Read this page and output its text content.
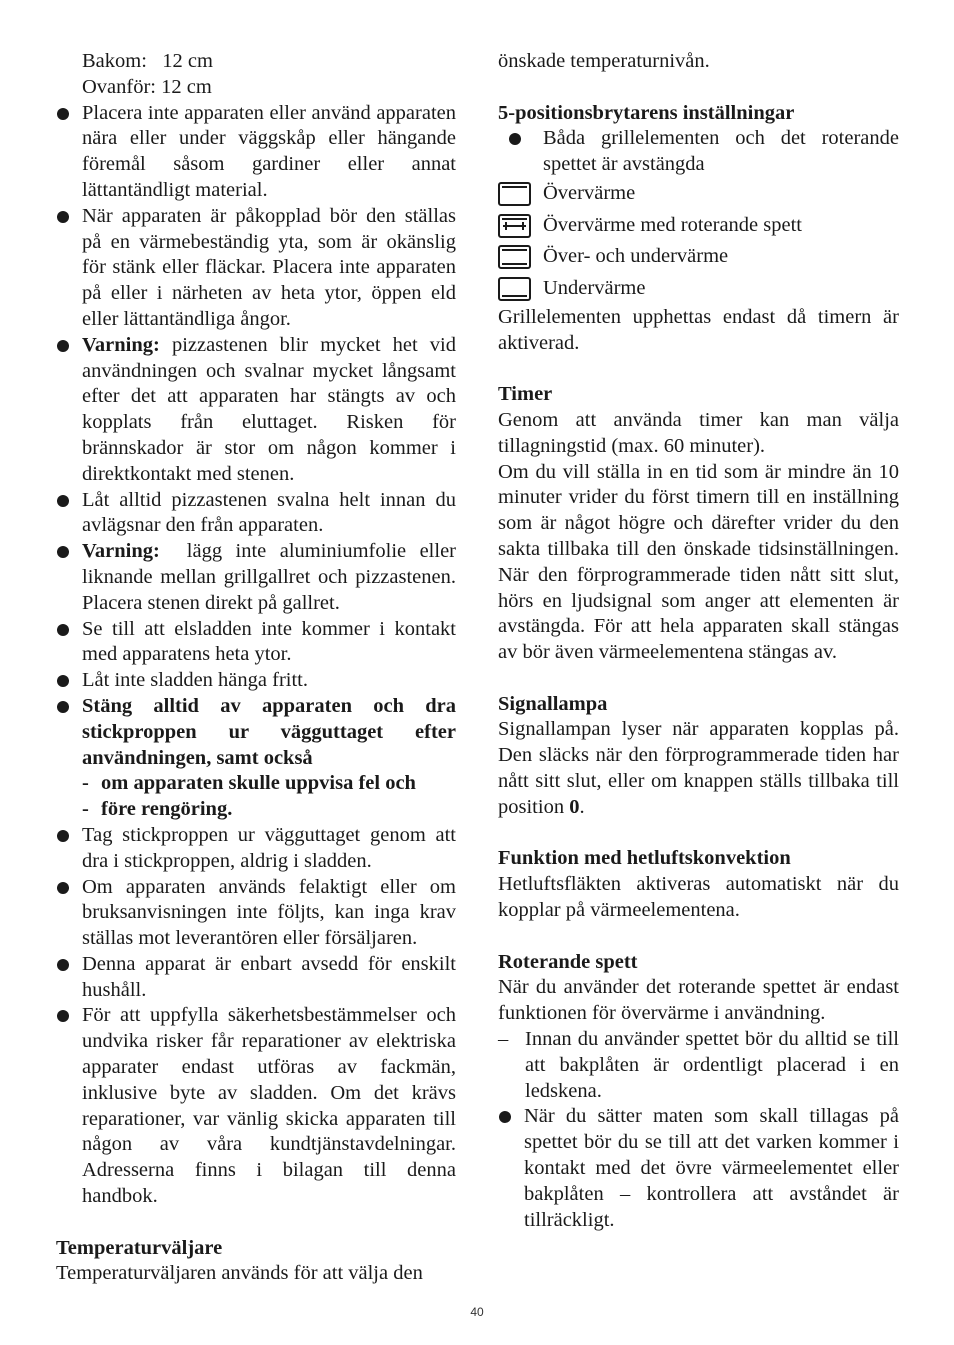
Bakom:   12 cm

Ovanför: 12 cm

Placera inte apparaten eller använd apparaten nära eller under väggskåp eller hängande föremål såsom gardiner eller annat lättantändligt material.

När apparaten är påkopplad bör den ställas på en värmebeständig yta, som är okänslig för stänk eller fläckar. Placera inte apparaten på eller i närheten av heta ytor, öppen eld eller lättantändliga ångor.

Varning: pizzastenen blir mycket het vid användningen och svalnar mycket långsamt efter det att apparaten har stängts av och kopplats från eluttaget. Risken för brännskador är stor om någon kommer i direktkontakt med stenen.

Låt alltid pizzastenen svalna helt innan du avlägsnar den från apparaten.

Varning:  lägg inte aluminiumfolie eller liknande mellan grillgallret och pizzastenen. Placera stenen direkt på gallret.

Se till att elsladden inte kommer i kontakt med apparatens heta ytor.

Låt inte sladden hänga fritt.

Stäng alltid av apparaten och dra stickproppen ur vägguttaget efter användningen, samt också

- om apparaten skulle uppvisa fel och

- före rengöring.

Tag stickproppen ur vägguttaget genom att dra i stickproppen, aldrig i sladden.

Om apparaten används felaktigt eller om bruksanvisningen inte följts, kan inga krav ställas mot leverantören eller försäljaren.

Denna apparat är enbart avsedd för enskilt hushåll.

För att uppfylla säkerhetsbestämmelser och undvika risker får reparationer av elektriska apparater endast utföras av fackmän, inklusive byte av sladden. Om det krävs reparationer, var vänlig skicka apparaten till någon av våra kundtjänstavdelningar. Adresserna finns i bilagan till denna handbok.

Temperaturväljare

Temperaturväljaren används för att välja den

önskade temperaturnivån.

5-positionsbrytarens inställningar

Båda grillelementen och det roterande spettet är avstängda

Övervärme
Övervärme med roterande spett
Över- och undervärme
Undervärme

Grillelementen upphettas endast då timern är aktiverad.

Timer

Genom att använda timer kan man välja tillagningstid (max. 60 minuter).

Om du vill ställa in en tid som är mindre än 10 minuter vrider du först timern till en inställning som är något högre och därefter vrider du den sakta tillbaka till den önskade tidsinställningen. När den förprogrammerade tiden nått sitt slut, hörs en ljudsignal som anger att elementen är avstängda. För att hela apparaten skall stängas av bör även värmeelementena stängas av.

Signallampa

Signallampan lyser när apparaten kopplas på. Den släcks när den förprogrammerade tiden har nått sitt slut, eller om knappen ställs tillbaka till position 0.

Funktion med hetluftskonvektion

Hetluftsfläkten aktiveras automatiskt när du kopplar på värmeelementena.

Roterande spett

När du använder det roterande spettet är endast funktionen för övervärme i användning.

– Innan du använder spettet bör du alltid se till att bakplåten är ordentligt placerad i en ledskena.

När du sätter maten som skall tillagas på spettet bör du se till att det varken kommer i kontakt med det övre värmeelementet eller bakplåten – kontrollera att avståndet är tillräckligt.

40
